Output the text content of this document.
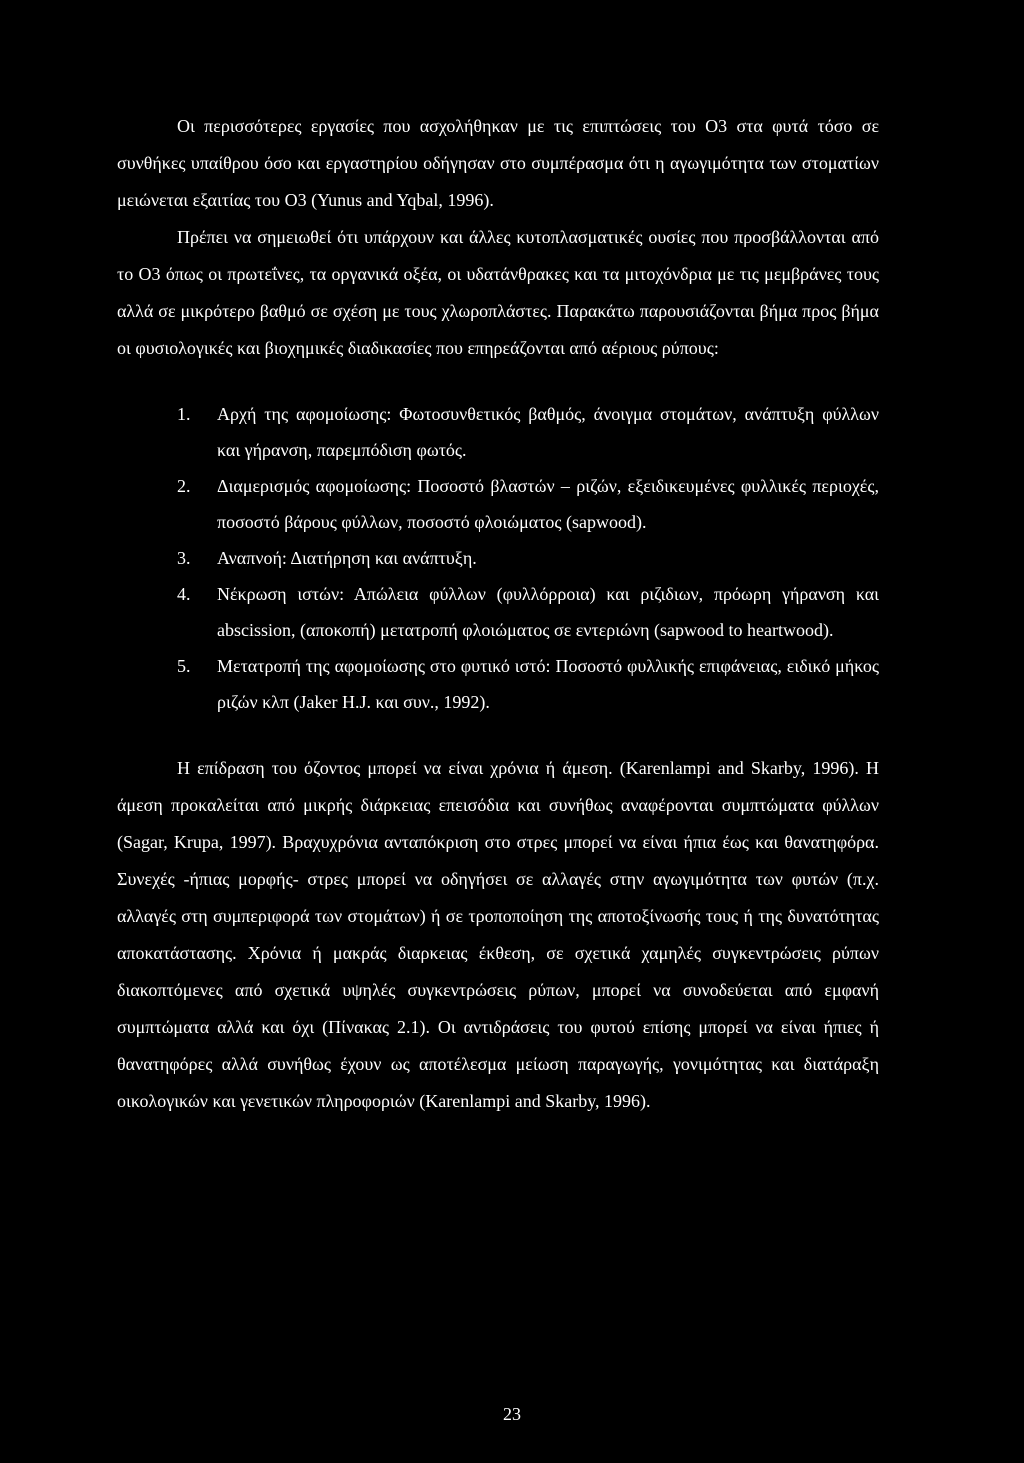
Οι περισσότερες εργασίες που ασχολήθηκαν με τις επιπτώσεις του O3 στα φυτά τόσο σε συνθήκες υπαίθρου όσο και εργαστηρίου οδήγησαν στο συμπέρασμα ότι η αγωγιμότητα των στοματίων μειώνεται εξαιτίας του O3 (Yunus and Yqbal, 1996).

Πρέπει να σημειωθεί ότι υπάρχουν και άλλες κυτοπλασματικές ουσίες που προσβάλλονται από το O3 όπως οι πρωτεΐνες, τα οργανικά οξέα, οι υδατάνθρακες και τα μιτοχόνδρια με τις μεμβράνες τους αλλά σε μικρότερο βαθμό σε σχέση με τους χλωροπλάστες. Παρακάτω παρουσιάζονται βήμα προς βήμα οι φυσιολογικές και βιοχημικές διαδικασίες που επηρεάζονται από αέριους ρύπους:

1. Αρχή της αφομοίωσης: Φωτοσυνθετικός βαθμός, άνοιγμα στομάτων, ανάπτυξη φύλλων και γήρανση, παρεμπόδιση φωτός.
2. Διαμερισμός αφομοίωσης: Ποσοστό βλαστών – ριζών, εξειδικευμένες φυλλικές περιοχές, ποσοστό βάρους φύλλων, ποσοστό φλοιώματος (sapwood).
3. Αναπνοή: Διατήρηση και ανάπτυξη.
4. Νέκρωση ιστών: Απώλεια φύλλων (φυλλόρροια) και ριζιδιων, πρόωρη γήρανση και abscission, (αποκοπή) μετατροπή φλοιώματος σε εντεριώνη (sapwood to heartwood).
5. Μετατροπή της αφομοίωσης στο φυτικό ιστό: Ποσοστό φυλλικής επιφάνειας, ειδικό μήκος ριζών κλπ (Jaker H.J. και συν., 1992).

Η επίδραση του όζοντος μπορεί να είναι χρόνια ή άμεση. (Karenlampi and Skarby, 1996). Η άμεση προκαλείται από μικρής διάρκειας επεισόδια και συνήθως αναφέρονται συμπτώματα φύλλων (Sagar, Krupa, 1997). Βραχυχρόνια ανταπόκριση στο στρες μπορεί να είναι ήπια έως και θανατηφόρα. Συνεχές -ήπιας μορφής- στρες μπορεί να οδηγήσει σε αλλαγές στην αγωγιμότητα των φυτών (π.χ. αλλαγές στη συμπεριφορά των στομάτων) ή σε τροποποίηση της αποτοξίνωσής τους ή της δυνατότητας αποκατάστασης. Χρόνια ή μακράς διαρκειας έκθεση, σε σχετικά χαμηλές συγκεντρώσεις ρύπων διακοπτόμενες από σχετικά υψηλές συγκεντρώσεις ρύπων, μπορεί να συνοδεύεται από εμφανή συμπτώματα αλλά και όχι (Πίνακας 2.1). Οι αντιδράσεις του φυτού επίσης μπορεί να είναι ήπιες ή θανατηφόρες αλλά συνήθως έχουν ως αποτέλεσμα μείωση παραγωγής, γονιμότητας και διατάραξη οικολογικών και γενετικών πληροφοριών (Karenlampi and Skarby, 1996).

23
